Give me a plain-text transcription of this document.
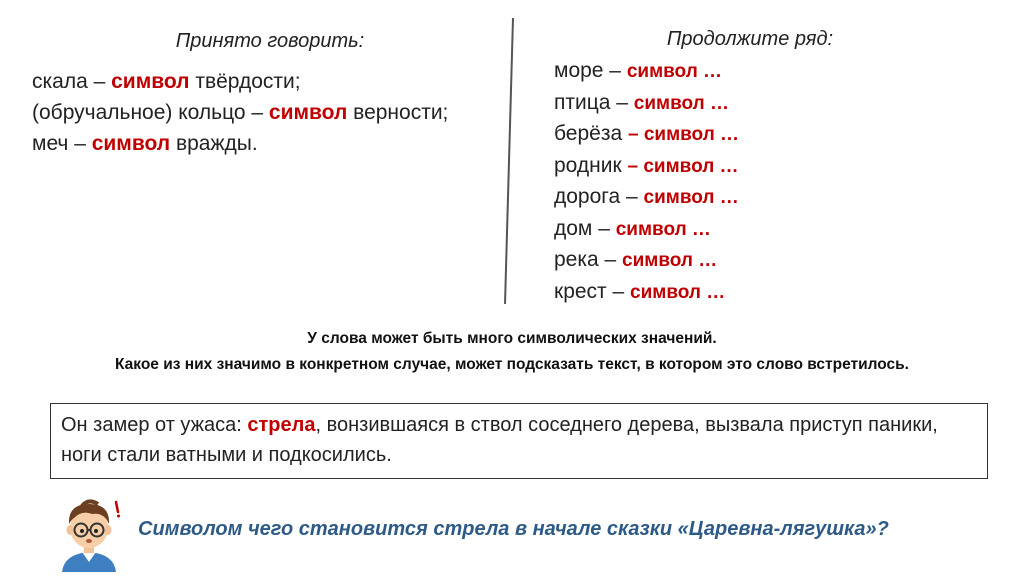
Принято говорить:
скала – символ твёрдости;
(обручальное) кольцо – символ верности;
меч – символ вражды.
Продолжите ряд:
море – символ …
птица – символ …
берёза – символ …
родник – символ …
дорога – символ …
дом – символ …
река – символ …
крест – символ …
У слова может быть много символических значений.
Какое из них значимо в конкретном случае, может подсказать текст, в котором это слово встретилось.
Он замер от ужаса: стрела, вонзившаяся в ствол соседнего дерева, вызвала приступ паники, ноги стали ватными и подкосились.
Символом чего становится стрела в начале сказки «Царевна-лягушка»?
